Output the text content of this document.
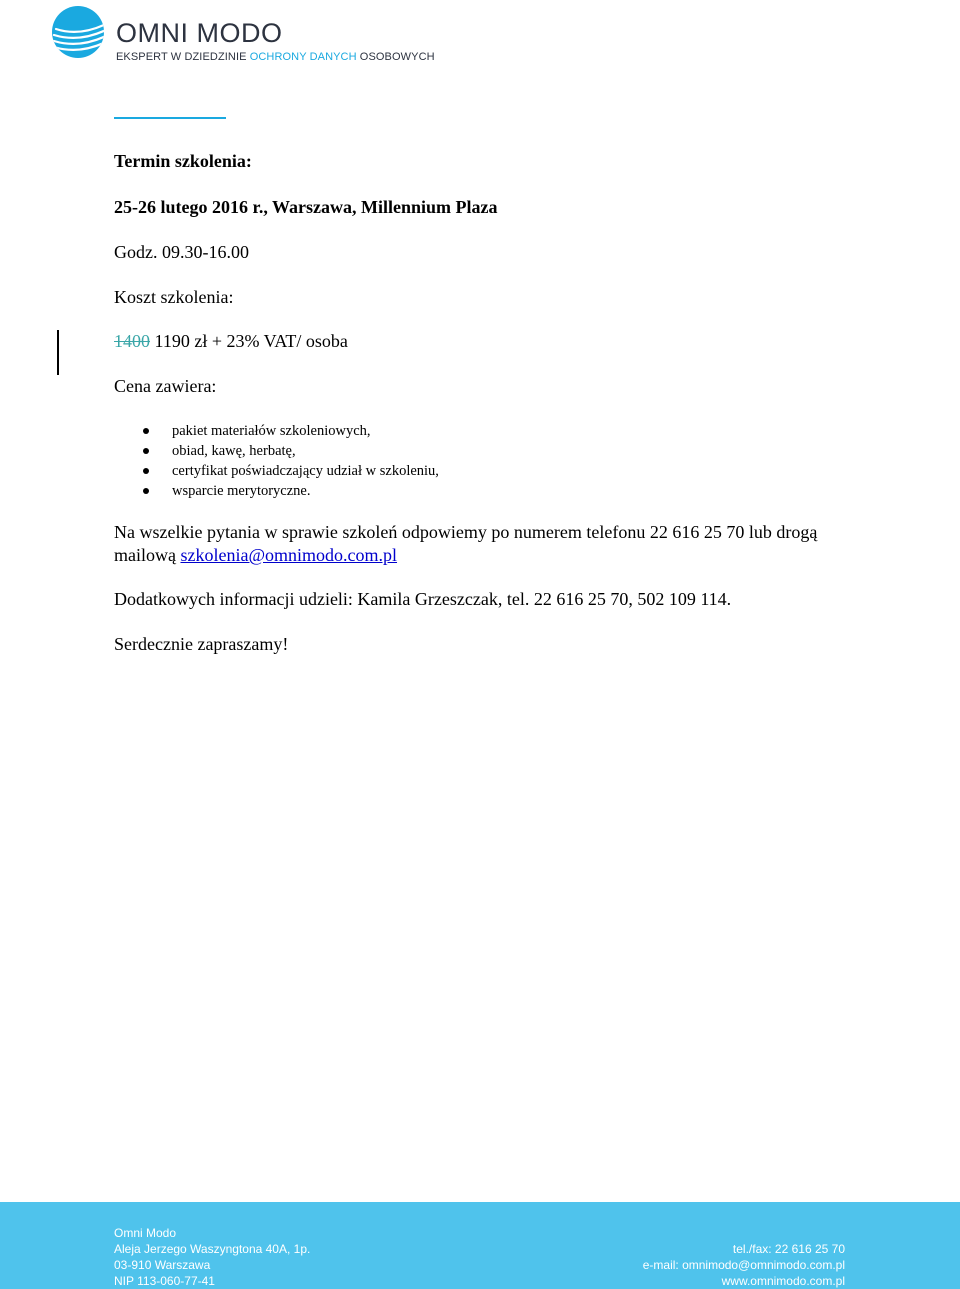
OMNI MODO
EKSPERT W DZIEDZINIE OCHRONY DANYCH OSOBOWYCH
Termin szkolenia:
25-26 lutego 2016 r., Warszawa, Millennium Plaza
Godz. 09.30-16.00
Koszt szkolenia:
1400 1190 zł + 23% VAT/ osoba
Cena zawiera:
pakiet materiałów szkoleniowych,
obiad, kawę, herbatę,
certyfikat poświadczający udział w szkoleniu,
wsparcie merytoryczne.
Na wszelkie pytania w sprawie szkoleń odpowiemy po numerem telefonu 22 616 25 70 lub drogą mailową szkolenia@omnimodo.com.pl
Dodatkowych informacji udzieli: Kamila Grzeszczak, tel. 22 616 25 70, 502 109 114.
Serdecznie zapraszamy!
Omni Modo
Aleja Jerzego Waszyngtona 40A, 1p.
03-910 Warszawa
NIP 113-060-77-41
tel./fax: 22 616 25 70
e-mail: omnimodo@omnimodo.com.pl
www.omnimodo.com.pl
